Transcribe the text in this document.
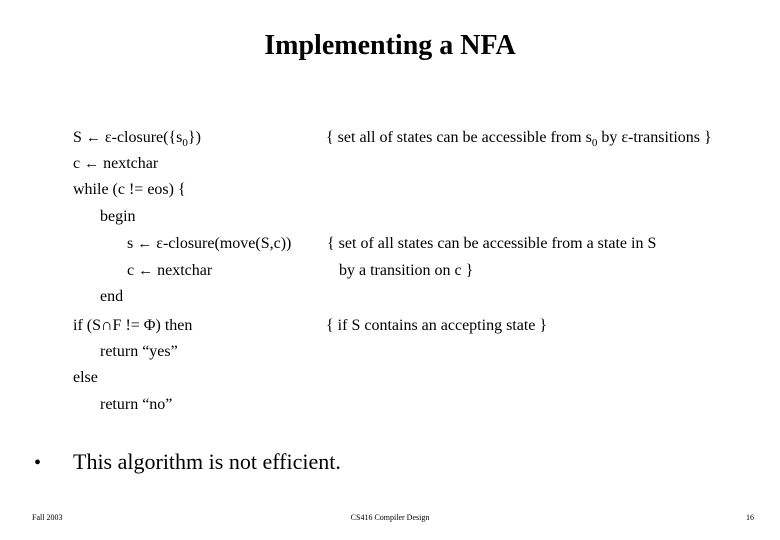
Implementing a NFA
S ← $\varepsilon-closure(\{s_0\})$	{ set all of states can be accessible from $s_0$ by ε-transitions }
c ← nextchar
while (c != eos) {
begin
s ← ε-closure(move(S,c)) { set of all states can be accessible from a state in S
c ← nextchar	by a transition on c }
end
if (S∩F != Φ) then	{ if S contains an accepting state }
return “yes”
else
return “no”
• This algorithm is not efficient.
Fall 2003	CS416 Compiler Design	16
